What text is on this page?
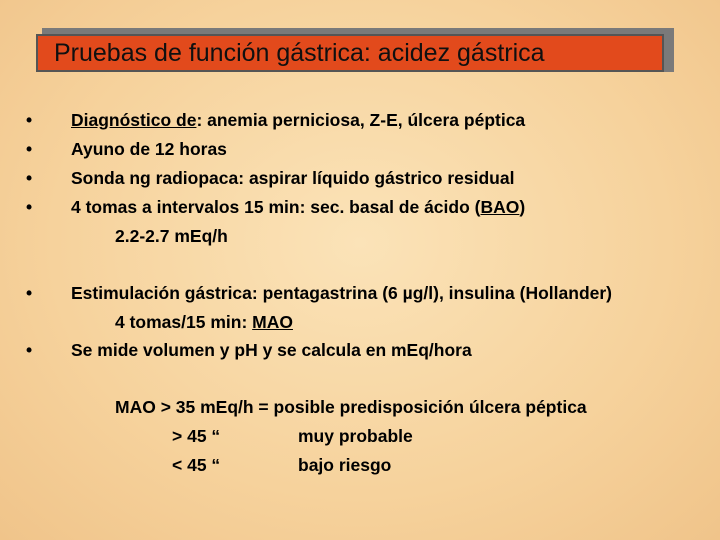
Pruebas de función gástrica: acidez gástrica
• Diagnóstico de: anemia perniciosa, Z-E, úlcera péptica
• Ayuno de 12 horas
• Sonda ng radiopaca: aspirar líquido gástrico residual
• 4 tomas a intervalos 15 min: sec. basal de ácido (BAO)
2.2-2.7 mEq/h
• Estimulación gástrica: pentagastrina (6 µg/l), insulina (Hollander)
4 tomas/15 min: MAO
• Se mide volumen y pH y se calcula en mEq/hora
MAO > 35 mEq/h = posible predisposición úlcera péptica
> 45 “	muy probable
< 45 “	bajo riesgo
